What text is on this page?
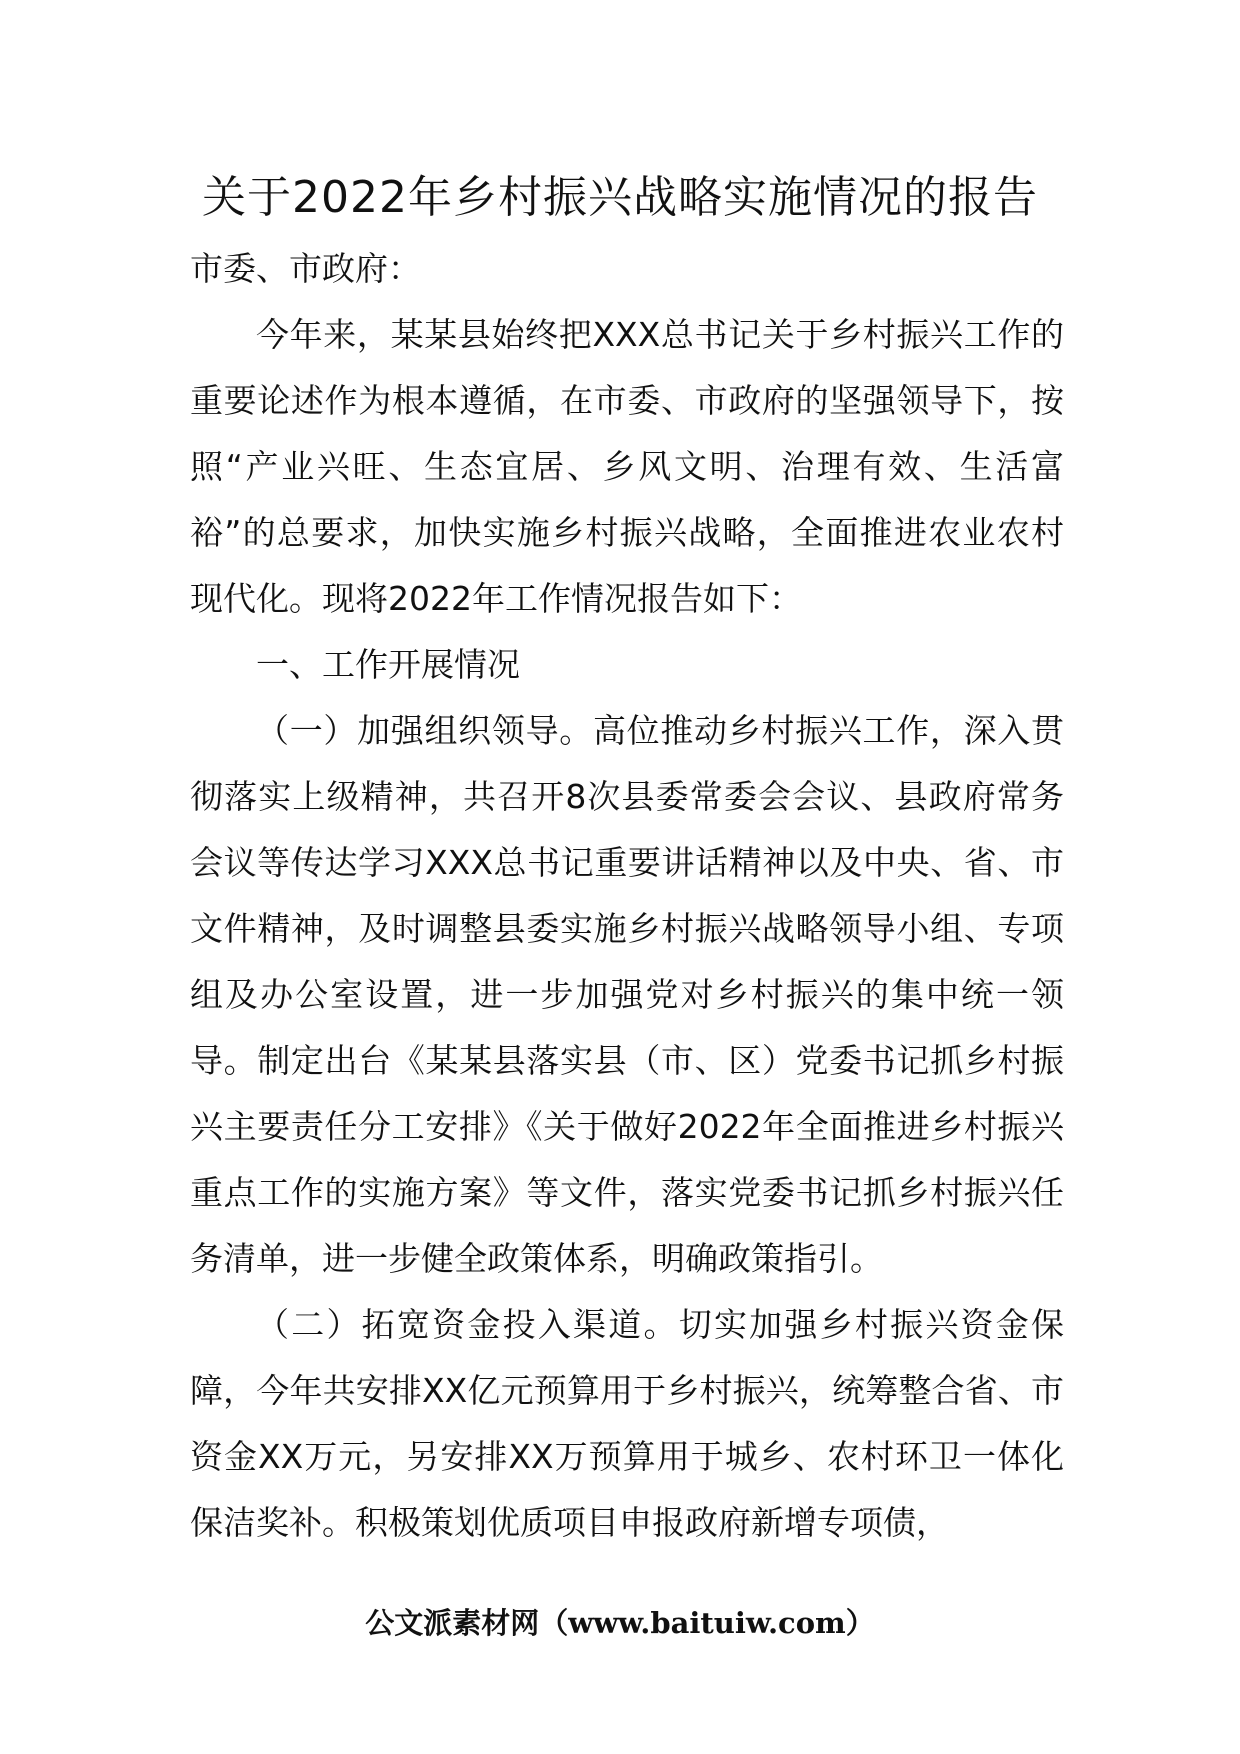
关于2022年乡村振兴战略实施情况的报告

市委、市政府：

今年来，某某县始终把XXX总书记关于乡村振兴工作的重要论述作为根本遵循，在市委、市政府的坚强领导下，按照“产业兴旺、生态宜居、乡风文明、治理有效、生活富裕”的总要求，加快实施乡村振兴战略，全面推进农业农村现代化。现将2022年工作情况报告如下：

一、工作开展情况

（一）加强组织领导。高位推动乡村振兴工作，深入贯彻落实上级精神，共召开8次县委常委会会议、县政府常务会议等传达学习XXX总书记重要讲话精神以及中央、省、市文件精神，及时调整县委实施乡村振兴战略领导小组、专项组及办公室设置，进一步加强党对乡村振兴的集中统一领导。制定出台《某某县落实县（市、区）党委书记抓乡村振兴主要责任分工安排》《关于做好2022年全面推进乡村振兴重点工作的实施方案》等文件，落实党委书记抓乡村振兴任务清单，进一步健全政策体系，明确政策指引。

（二）拓宽资金投入渠道。切实加强乡村振兴资金保障，今年共安排XX亿元预算用于乡村振兴，统筹整合省、市资金XX万元，另安排XX万预算用于城乡、农村环卫一体化保洁奖补。积极策划优质项目申报政府新增专项债，

公文派素材网（www.baituiw.com）
